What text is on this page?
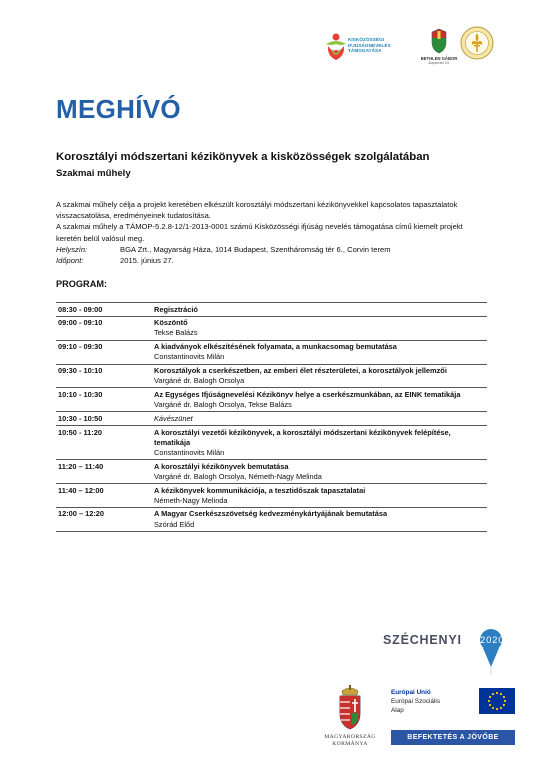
KISKÖZÖSSÉGI
IFJÚSÁGNEVELÉS
TÁMOGATÁSA
BETHLEN GÁBOR
Alapkezelő Zrt.
MEGHÍVÓ
Korosztályi módszertani kézikönyvek a kisközösségek szolgálatában
Szakmai műhely

A szakmai műhely célja a projekt keretében elkészült korosztályi módszertani kézikönyvekkel kapcsolatos tapasztalatok visszacsatolása, eredményeinek tudatosítása.

A szakmai műhely a TÁMOP-5.2.8-12/1-2013-0001 számú Kisközösségi ifjúság nevelés támogatása című kiemelt projekt keretén belül valósul meg.

Helyszín:	BGA Zrt., Magyarság Háza, 1014 Budapest, Szentháromság tér 6., Corvin terem
Időpont:	2015. június 27.
PROGRAM:
08:30 - 09:00	Regisztráció

09:00 - 09:10	Köszöntő
Tekse Balázs

09:10 - 09:30	A kiadványok elkészítésének folyamata, a munkacsomag bemutatása
Constantinovits Milán

09:30 - 10:10	Korosztályok a cserkészetben, az emberi élet részterületei, a korosztályok jellemzői
Vargáné dr. Balogh Orsolya

10:10 - 10:30	Az Egységes Ifjúságnevelési Kézikönyv helye a cserkészmunkában, az EINK tematikája
Vargáné dr. Balogh Orsolya, Tekse Balázs

10:30 - 10:50	Kávészünet

10:50 - 11:20	A korosztályi vezetői kézikönyvek, a korosztályi módszertani kézikönyvek felépítése, tematikája
Constantinovits Milán

11:20 – 11:40	A korosztályi kézikönyvek bemutatása
Vargáné dr. Balogh Orsolya, Németh-Nagy Melinda

11:40 – 12:00	A kézikönyvek kommunikációja, a tesztidőszak tapasztalatai
Németh-Nagy Melinda

12:00 – 12:20	A Magyar Cserkészszövetség kedvezménykártyájának bemutatása
Szórád Előd
SZÉCHENYI 2020
MAGYARORSZÁG
KORMÁNYA
Európai Unió
Európai Szociális
Alap
BEFEKTETÉS A JÖVŐBE
